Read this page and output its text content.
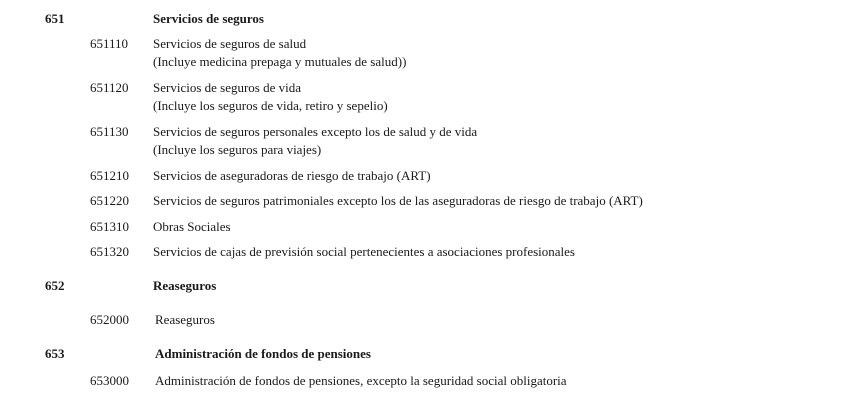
651	Servicios de seguros
651110 Servicios de seguros de salud
(Incluye medicina prepaga y mutuales de salud))
651120 Servicios de seguros de vida
(Incluye los seguros de vida, retiro y sepelio)
651130 Servicios de seguros personales excepto los de salud y de vida
(Incluye los seguros para viajes)
651210 Servicios de aseguradoras de riesgo de trabajo (ART)
651220 Servicios de seguros patrimoniales excepto los de las aseguradoras de riesgo de trabajo (ART)
651310 Obras Sociales
651320 Servicios de cajas de previsión social pertenecientes a asociaciones profesionales
652	Reaseguros
652000 Reaseguros
653	Administración de fondos de pensiones
653000 Administración de fondos de pensiones, excepto la seguridad social obligatoria
